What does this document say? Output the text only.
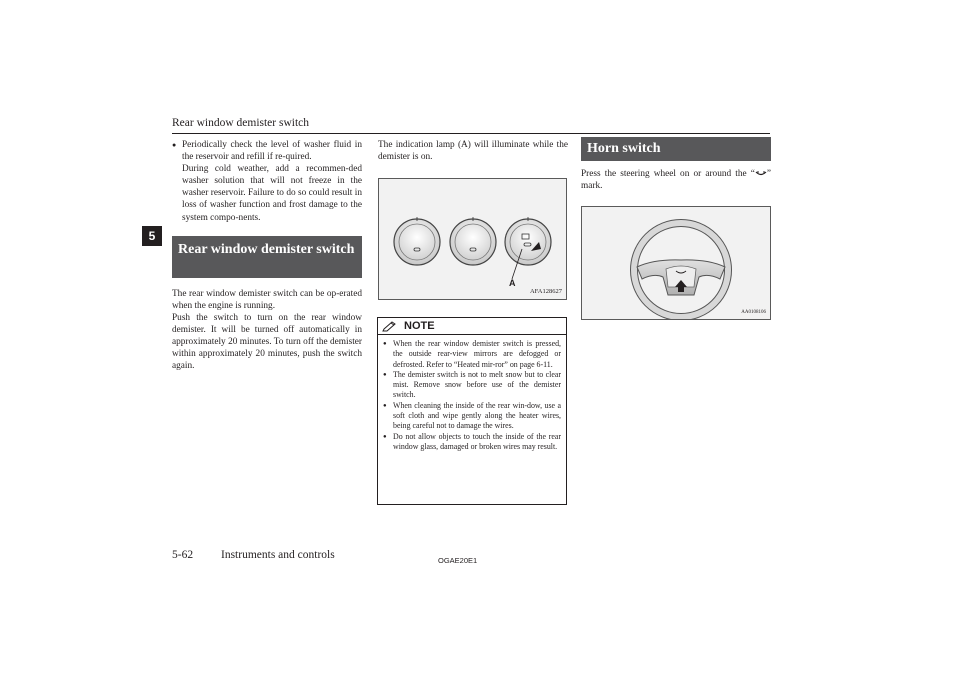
Rear window demister switch
5
● Periodically check the level of washer fluid in the reservoir and refill if re-quired.

During cold weather, add a recommen-ded washer solution that will not freeze in the washer reservoir. Failure to do so could result in loss of washer function and frost damage to the system compo-nents.

Rear window demister switch

The rear window demister switch can be op-erated when the engine is running.

Push the switch to turn on the rear window demister. It will be turned off automatically in approximately 20 minutes. To turn off the demister within approximately 20 minutes, push the switch again.

The indication lamp (A) will illuminate while the demister is on.

A
AFA128627
NOTE
● When the rear window demister switch is pressed, the outside rear-view mirrors are defogged or defrosted. Refer to “Heated mir-ror” on page 6-11.

● The demister switch is not to melt snow but to clear mist. Remove snow before use of the demister switch.

● When cleaning the inside of the rear win-dow, use a soft cloth and wipe gently along the heater wires, being careful not to damage the wires.

● Do not allow objects to touch the inside of the rear window glass, damaged or broken wires may result.

Horn switch

Press the steering wheel on or around the “ ” mark.

AA0108106
5-62 Instruments and controls	OGAE20E1
